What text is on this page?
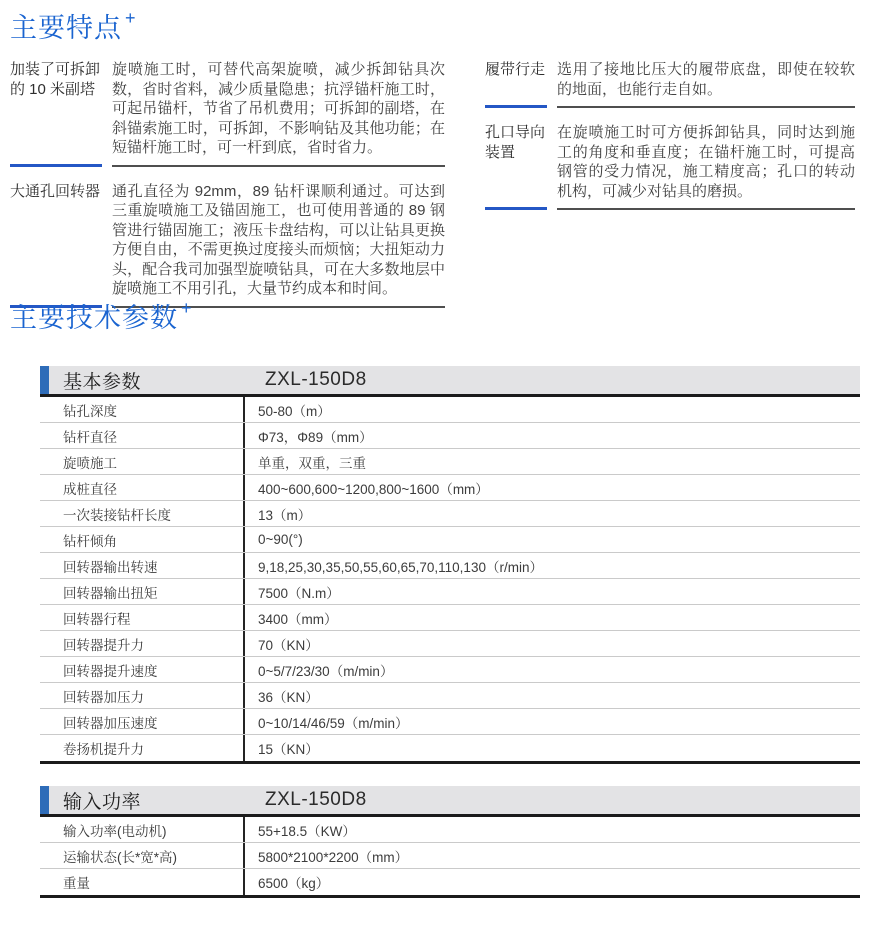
主要特点 +
加装了可拆卸的 10 米副塔
旋喷施工时，可替代高架旋喷，减少拆卸钻具次数，省时省料，减少质量隐患；抗浮锚杆施工时，可起吊锚杆，节省了吊机费用；可拆卸的副塔，在斜锚索施工时，可拆卸，不影响钻及其他功能；在短锚杆施工时，可一杆到底，省时省力。
大通孔回转器 通孔直径为 92mm，89 钻杆课顺利通过。可达到三重旋喷施工及锚固施工，也可使用普通的 89 钢管进行锚固施工；液压卡盘结构，可以让钻具更换方便自由，不需更换过度接头而烦恼；大扭矩动力头，配合我司加强型旋喷钻具，可在大多数地层中旋喷施工不用引孔，大量节约成本和时间。
履带行走 选用了接地比压大的履带底盘，即使在较软的地面，也能行走自如。
孔口导向装置
在旋喷施工时可方便拆卸钻具，同时达到施工的角度和垂直度；在锚杆施工时，可提高钢管的受力情况，施工精度高；孔口的转动机构，可减少对钻具的磨损。
主要技术参数 +
基本参数	ZXL-150D8
钻孔深度	50-80（m）
钻杆直径	Φ73，Φ89（mm）
旋喷施工	单重，双重，三重
成桩直径	400~600,600~1200,800~1600（mm）
一次装接钻杆长度	13（m）
钻杆倾角	0~90(°)
回转器输出转速	9,18,25,30,35,50,55,60,65,70,110,130（r/min）
回转器输出扭矩	7500（N.m）
回转器行程	3400（mm）
回转器提升力	70（KN）
回转器提升速度	0~5/7/23/30（m/min）
回转器加压力	36（KN）
回转器加压速度	0~10/14/46/59（m/min）
卷扬机提升力	15（KN）
输入功率	ZXL-150D8
输入功率(电动机)	55+18.5（KW）
运输状态(长*宽*高)	5800*2100*2200（mm）
重量	6500（kg）
